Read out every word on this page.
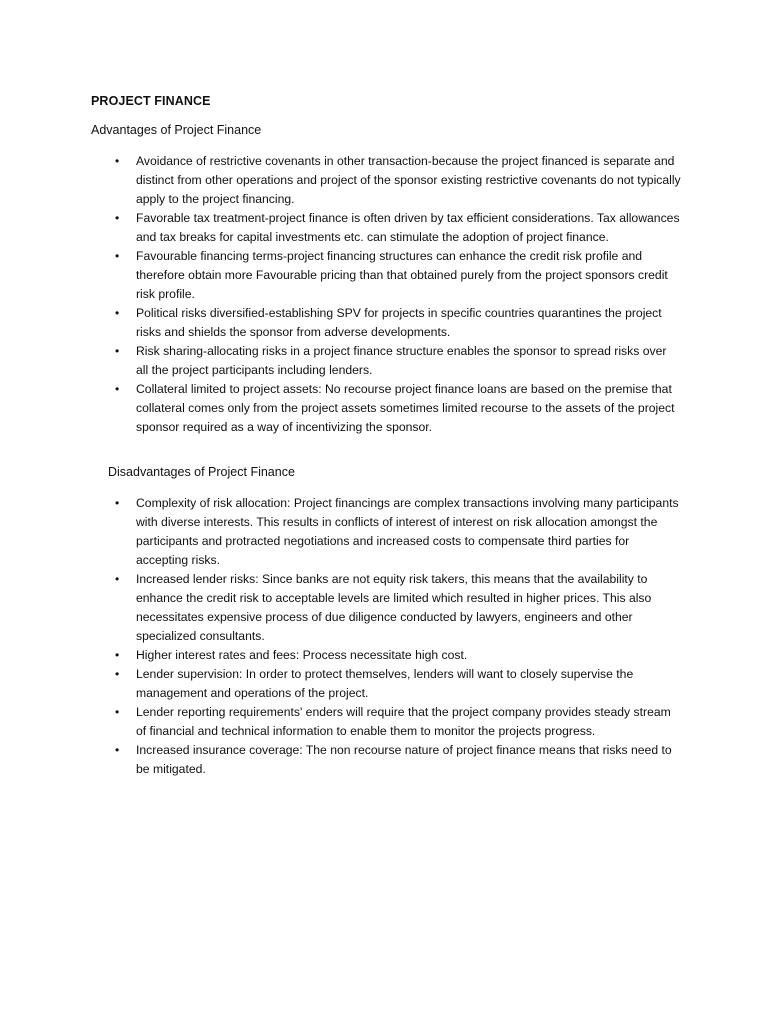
PROJECT FINANCE
Advantages of Project Finance
• Avoidance of restrictive covenants in other transaction-because the project financed is separate and distinct from other operations and project of the sponsor existing restrictive covenants do not typically apply to the project financing.
• Favorable tax treatment-project finance is often driven by tax efficient considerations. Tax allowances and tax breaks for capital investments etc. can stimulate the adoption of project finance.
• Favourable financing terms-project financing structures can enhance the credit risk profile and therefore obtain more Favourable pricing than that obtained purely from the project sponsors credit risk profile.
• Political risks diversified-establishing SPV for projects in specific countries quarantines the project risks and shields the sponsor from adverse developments.
• Risk sharing-allocating risks in a project finance structure enables the sponsor to spread risks over all the project participants including lenders.
• Collateral limited to project assets: No recourse project finance loans are based on the premise that collateral comes only from the project assets sometimes limited recourse to the assets of the project sponsor required as a way of incentivizing the sponsor.
Disadvantages of Project Finance
• Complexity of risk allocation: Project financings are complex transactions involving many participants with diverse interests. This results in conflicts of interest of interest on risk allocation amongst the participants and protracted negotiations and increased costs to compensate third parties for accepting risks.
• Increased lender risks: Since banks are not equity risk takers, this means that the availability to enhance the credit risk to acceptable levels are limited which resulted in higher prices. This also necessitates expensive process of due diligence conducted by lawyers, engineers and other specialized consultants.
• Higher interest rates and fees: Process necessitate high cost.
• Lender supervision: In order to protect themselves, lenders will want to closely supervise the management and operations of the project.
• Lender reporting requirements' enders will require that the project company provides steady stream of financial and technical information to enable them to monitor the projects progress.
• Increased insurance coverage: The non recourse nature of project finance means that risks need to be mitigated.
